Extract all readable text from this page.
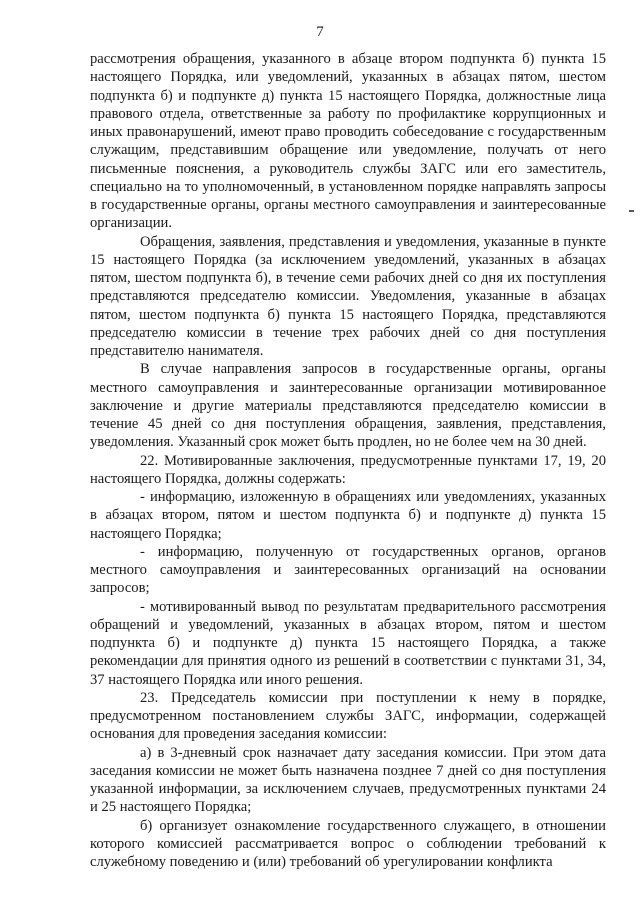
7

рассмотрения обращения, указанного в абзаце втором подпункта б) пункта 15 настоящего Порядка, или уведомлений, указанных в абзацах пятом, шестом подпункта б) и подпункте д) пункта 15 настоящего Порядка, должностные лица правового отдела, ответственные за работу по профилактике коррупционных и иных правонарушений, имеют право проводить собеседование с государственным служащим, представившим обращение или уведомление, получать от него письменные пояснения, а руководитель службы ЗАГС или его заместитель, специально на то уполномоченный, в установленном порядке направлять запросы в государственные органы, органы местного самоуправления и заинтересованные организации.

Обращения, заявления, представления и уведомления, указанные в пункте 15 настоящего Порядка (за исключением уведомлений, указанных в абзацах пятом, шестом подпункта б), в течение семи рабочих дней со дня их поступления представляются председателю комиссии. Уведомления, указанные в абзацах пятом, шестом подпункта б) пункта 15 настоящего Порядка, представляются председателю комиссии в течение трех рабочих дней со дня поступления представителю нанимателя.

В случае направления запросов в государственные органы, органы местного самоуправления и заинтересованные организации мотивированное заключение и другие материалы представляются председателю комиссии в течение 45 дней со дня поступления обращения, заявления, представления, уведомления. Указанный срок может быть продлен, но не более чем на 30 дней.

22. Мотивированные заключения, предусмотренные пунктами 17, 19, 20 настоящего Порядка, должны содержать:

- информацию, изложенную в обращениях или уведомлениях, указанных в абзацах втором, пятом и шестом подпункта б) и подпункте д) пункта 15 настоящего Порядка;

- информацию, полученную от государственных органов, органов местного самоуправления и заинтересованных организаций на основании запросов;

- мотивированный вывод по результатам предварительного рассмотрения обращений и уведомлений, указанных в абзацах втором, пятом и шестом подпункта б) и подпункте д) пункта 15 настоящего Порядка, а также рекомендации для принятия одного из решений в соответствии с пунктами 31, 34, 37 настоящего Порядка или иного решения.

23. Председатель комиссии при поступлении к нему в порядке, предусмотренном постановлением службы ЗАГС, информации, содержащей основания для проведения заседания комиссии:

а) в 3-дневный срок назначает дату заседания комиссии. При этом дата заседания комиссии не может быть назначена позднее 7 дней со дня поступления указанной информации, за исключением случаев, предусмотренных пунктами 24 и 25 настоящего Порядка;

б) организует ознакомление государственного служащего, в отношении которого комиссией рассматривается вопрос о соблюдении требований к служебному поведению и (или) требований об урегулировании конфликта
